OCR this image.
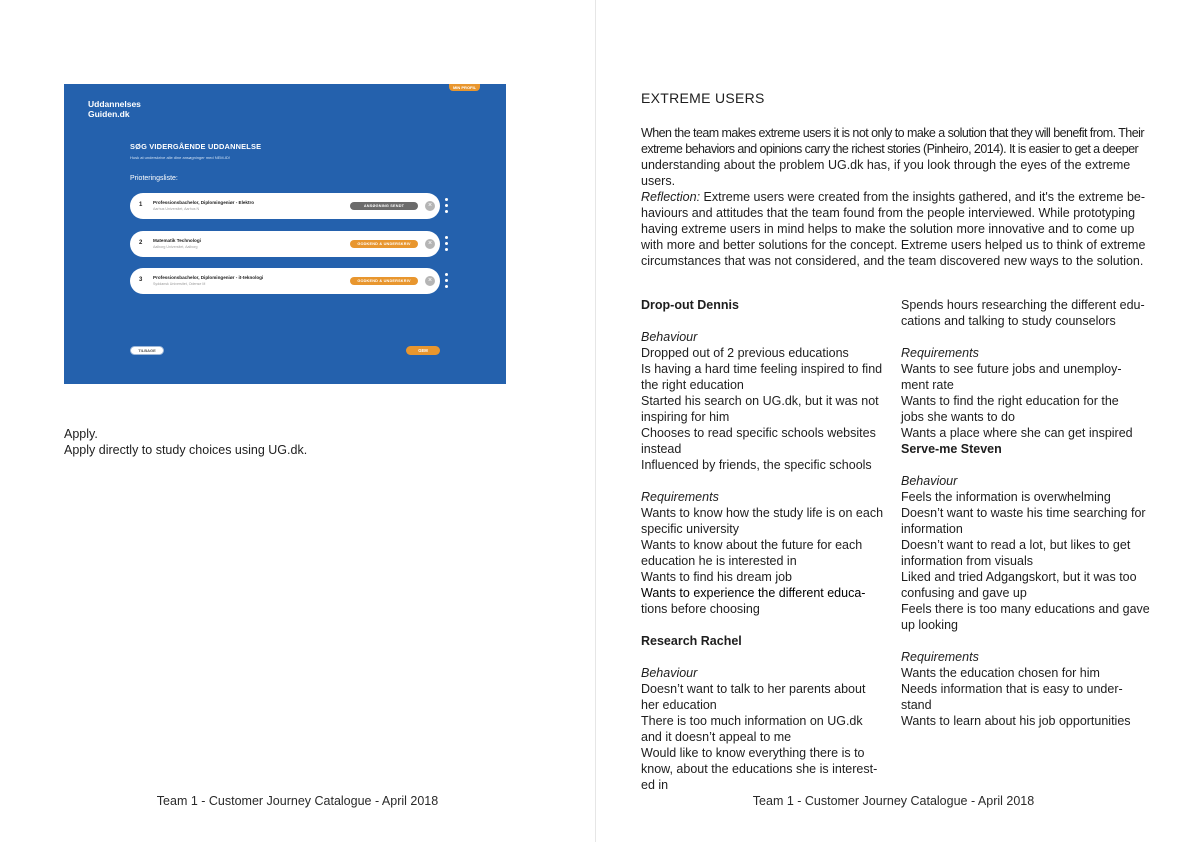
MIN PROFIL
Uddannelses
Guiden.dk
SØG VIDERGÅENDE UDDANNELSE
Husk at underskrive alle dine ansøgninger med NEM-ID!
Prioteringsliste:
1 Professionsbachelor, Diplomingeniør - Elektro
Aarhus Universitet, Aarhus N
ANSØGNING SENDT	×
2 Matematik Technologi
Aalborg Universitet, Aalborg
GODKEND & UNDERSKRIV	×
3 Professionsbachelor, Diplomingeniør - it-teknologi
Syddansk Universitet, Odense M
GODKEND & UNDERSKRIV	×
TILBAGE	GEM
Apply.
Apply directly to study choices using UG.dk.
Team 1 - Customer Journey Catalogue - April 2018
EXTREME USERS
When the team makes extreme users it is not only to make a solution that they will benefit from. Their
extreme behaviors and opinions carry the richest stories (Pinheiro, 2014). It is easier to get a deeper
understanding about the problem UG.dk has, if you look through the eyes of the extreme users.
Reflection: Extreme users were created from the insights gathered, and it's the extreme be-
haviours and attitudes that the team found from the people interviewed. While prototyping
having extreme users in mind helps to make the solution more innovative and to come up
with more and better solutions for the concept. Extreme users helped us to think of extreme
circumstances that was not considered, and the team discovered new ways to the solution.
Drop-out Dennis
Behaviour
Dropped out of 2 previous educations
Is having a hard time feeling inspired to find
the right education
Started his search on UG.dk, but it was not
inspiring for him
Chooses to read specific schools websites
instead
Influenced by friends, the specific schools
Requirements
Wants to know how the study life is on each
specific university
Wants to know about the future for each
education he is interested in
Wants to find his dream job
Wants to experience the different educa-
tions before choosing
Research Rachel
Behaviour
Doesn’t want to talk to her parents about
her education
There is too much information on UG.dk
and it doesn’t appeal to me
Would like to know everything there is to
know, about the educations she is interest-
ed in
Spends hours researching the different edu-
cations and talking to study counselors
Requirements
Wants to see future jobs and unemploy-
ment rate
Wants to find the right education for the
jobs she wants to do
Wants a place where she can get inspired
Serve-me Steven
Behaviour
Feels the information is overwhelming
Doesn’t want to waste his time searching for
information
Doesn’t want to read a lot, but likes to get
information from visuals
Liked and tried Adgangskort, but it was too
confusing and gave up
Feels there is too many educations and gave
up looking
Requirements
Wants the education chosen for him
Needs information that is easy to under-
stand
Wants to learn about his job opportunities
Team 1 - Customer Journey Catalogue - April 2018
